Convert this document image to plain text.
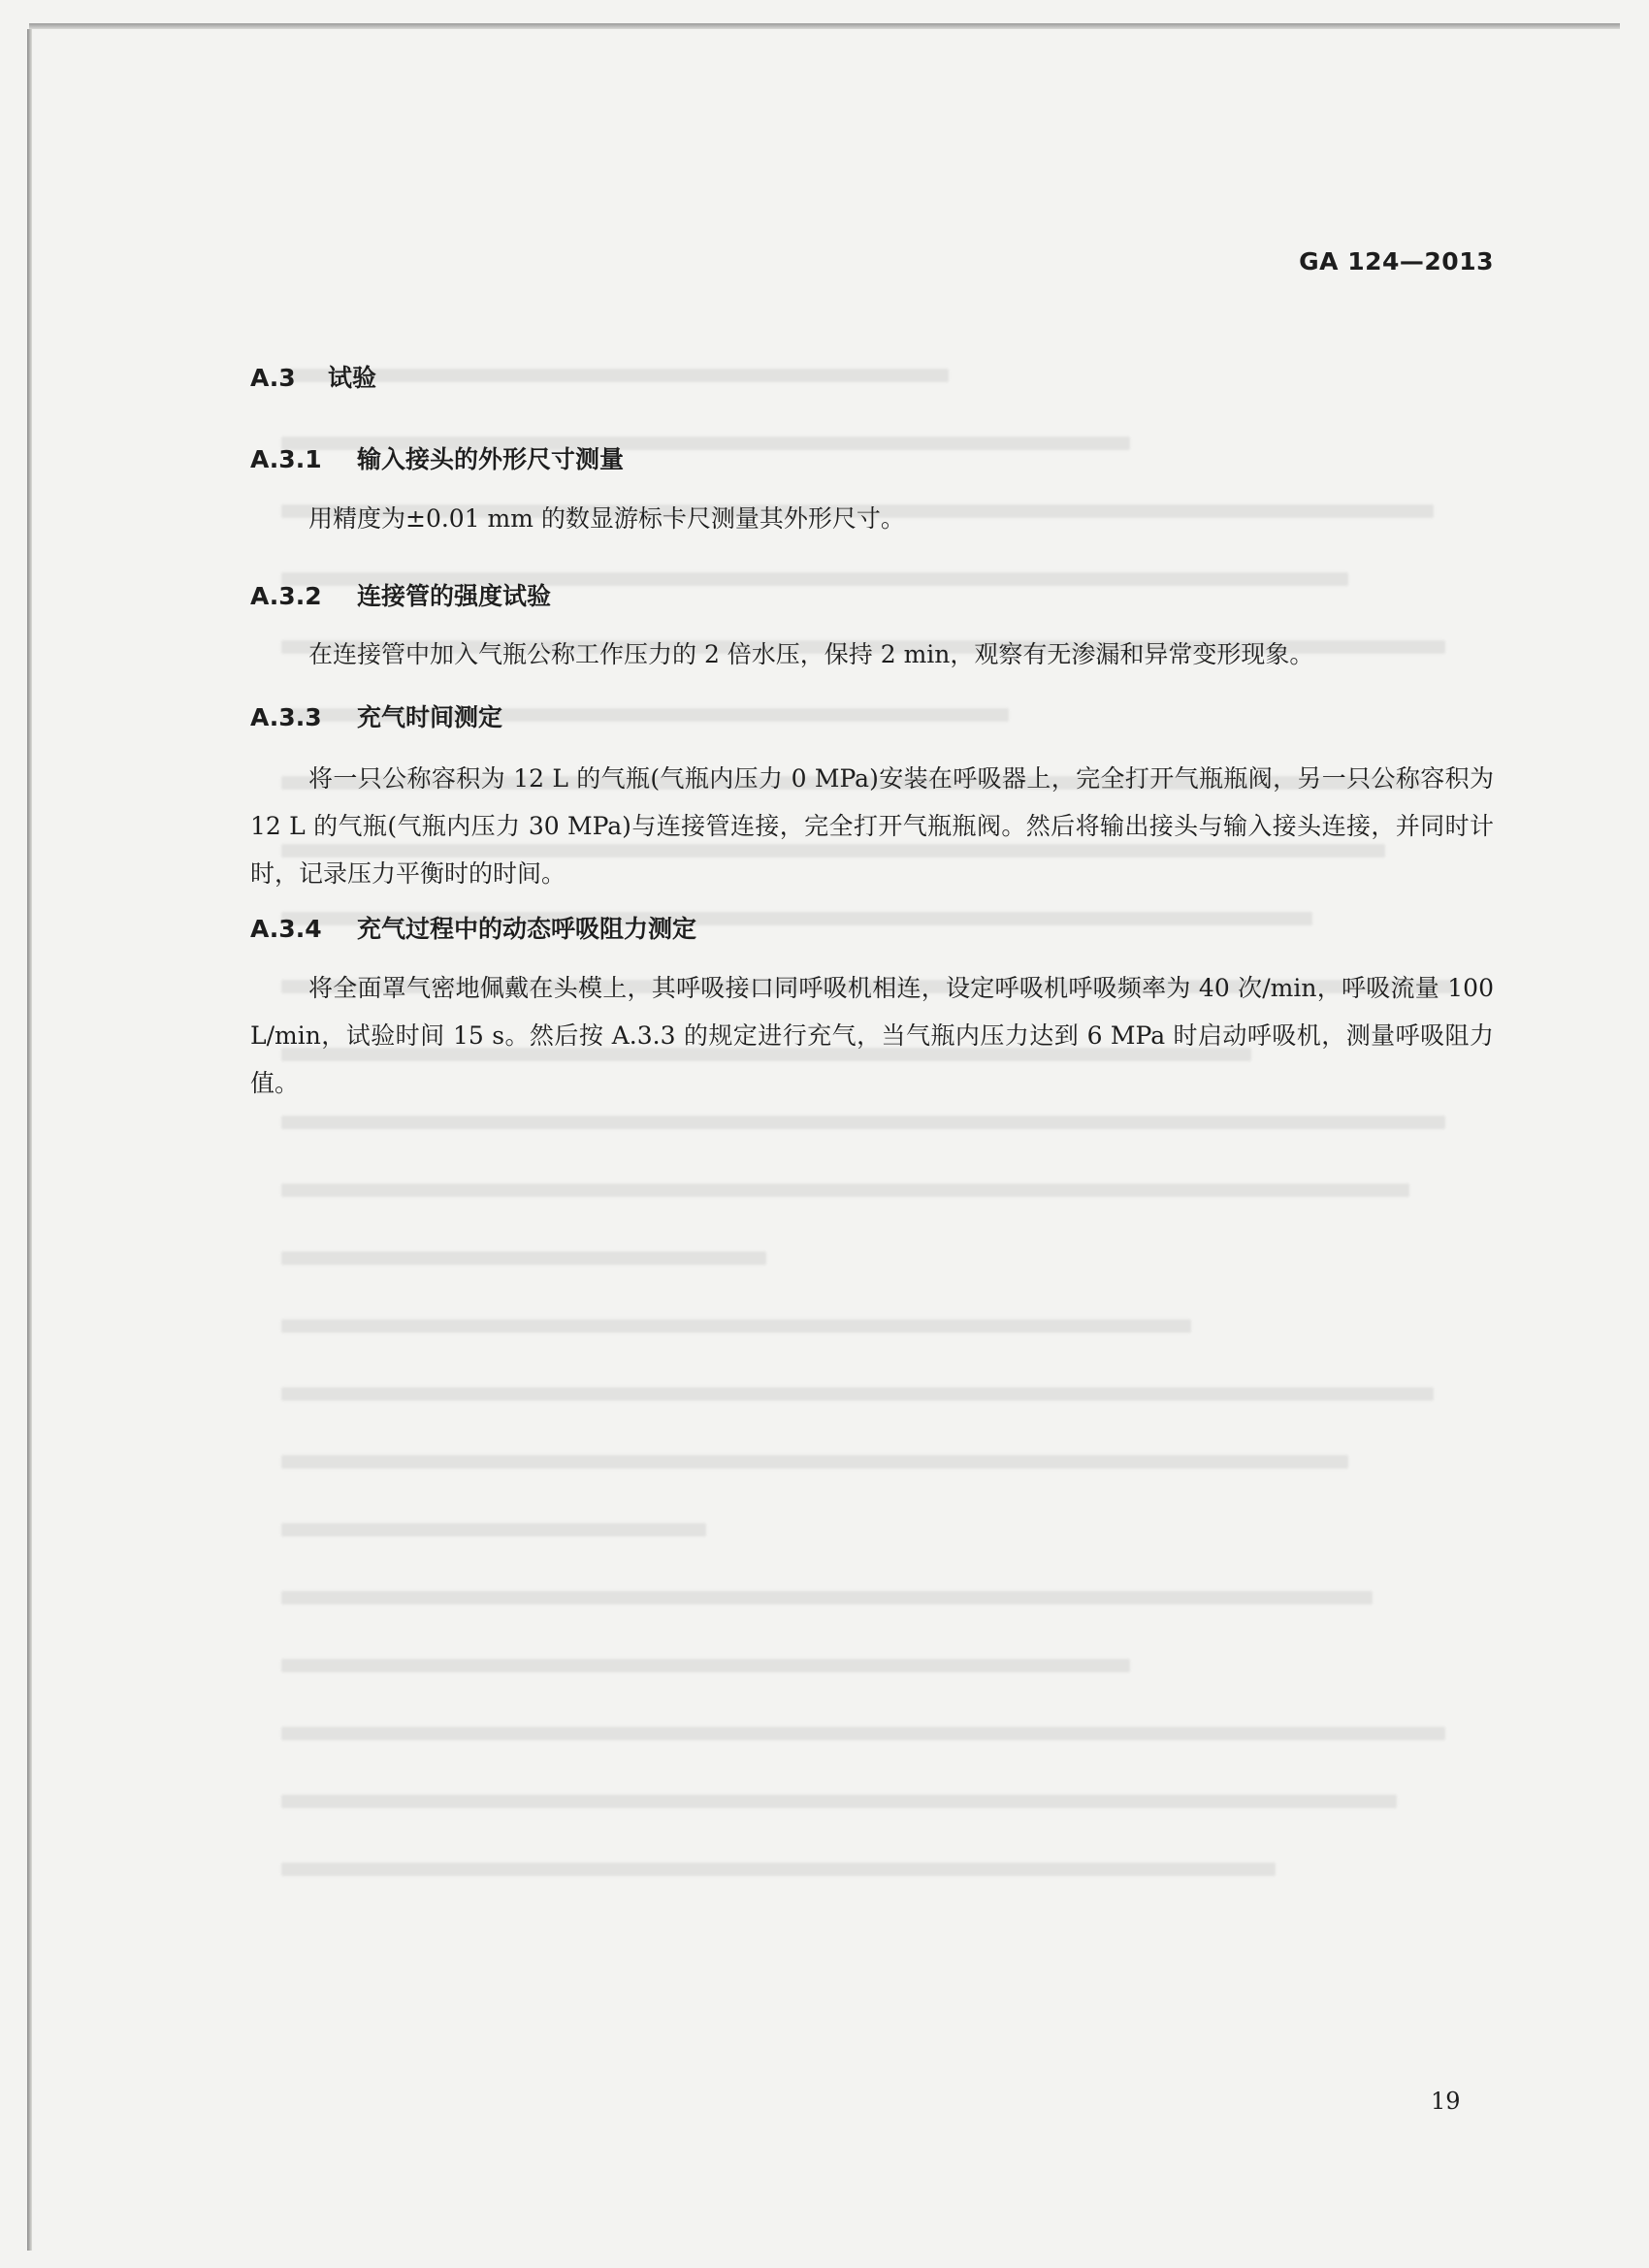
GA 124—2013
A.3 试验
A.3.1 输入接头的外形尺寸测量
用精度为±0.01 mm 的数显游标卡尺测量其外形尺寸。
A.3.2 连接管的强度试验
在连接管中加入气瓶公称工作压力的 2 倍水压，保持 2 min，观察有无渗漏和异常变形现象。
A.3.3 充气时间测定
将一只公称容积为 12 L 的气瓶(气瓶内压力 0 MPa)安装在呼吸器上，完全打开气瓶瓶阀，另一只公称容积为 12 L 的气瓶(气瓶内压力 30 MPa)与连接管连接，完全打开气瓶瓶阀。然后将输出接头与输入接头连接，并同时计时，记录压力平衡时的时间。
A.3.4 充气过程中的动态呼吸阻力测定
将全面罩气密地佩戴在头模上，其呼吸接口同呼吸机相连，设定呼吸机呼吸频率为 40 次/min，呼吸流量 100 L/min，试验时间 15 s。然后按 A.3.3 的规定进行充气，当气瓶内压力达到 6 MPa 时启动呼吸机，测量呼吸阻力值。
19
